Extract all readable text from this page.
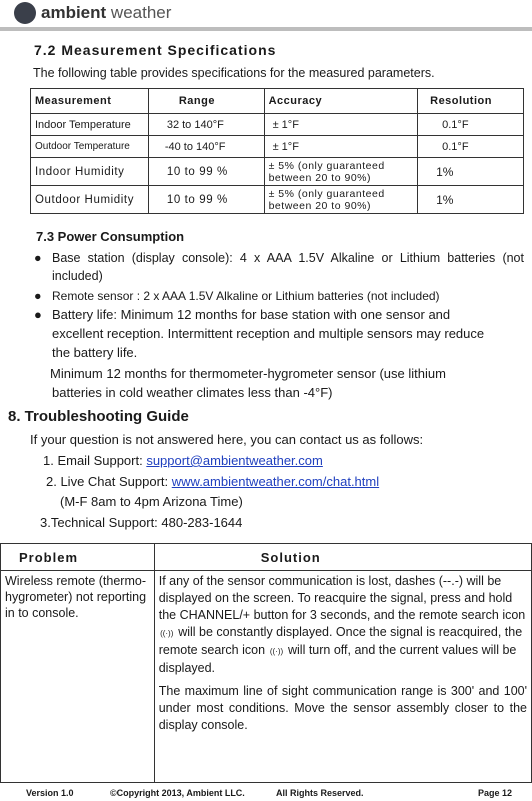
ambient weather
7.2 Measurement Specifications
The following table provides specifications for the measured parameters.
Measurement	Range	Accuracy	Resolution
Indoor Temperature	32 to 140°F	± 1°F	0.1°F
Outdoor Temperature	-40 to 140°F	± 1°F	0.1°F
Indoor Humidity	10 to 99 %	± 5% (only guaranteed between 20 to 90%)	1%
Outdoor Humidity	10 to 99 %	± 5% (only guaranteed between 20 to 90%)	1%
7.3 Power Consumption
● Base station (display console): 4 x AAA 1.5V Alkaline or Lithium batteries (not
included)
● Remote sensor : 2 x AAA 1.5V Alkaline or Lithium batteries (not included)
● Battery life: Minimum 12 months for base station with one sensor and
excellent reception. Intermittent reception and multiple sensors may reduce
the battery life.
Minimum 12 months for thermometer-hygrometer sensor (use lithium
batteries in cold weather climates less than -4°F)
8. Troubleshooting Guide
If your question is not answered here, you can contact us as follows:
1. Email Support: support@ambientweather.com
2. Live Chat Support: www.ambientweather.com/chat.html
(M-F 8am to 4pm Arizona Time)
3.Technical Support: 480-283-1644
Problem	Solution
Wireless remote (thermo-hygrometer) not reporting in to console.	If any of the sensor communication is lost, dashes (--.-) will be displayed on the screen. To reacquire the signal, press and hold the CHANNEL/+ button for 3 seconds, and the remote search icon ((·)) will be constantly displayed. Once the signal is reacquired, the remote search icon ((·)) will turn off, and the current values will be displayed.

The maximum line of sight communication range is 300' and 100' under most conditions. Move the sensor assembly closer to the display console.

Version 1.0	©Copyright 2013, Ambient LLC.	All Rights Reserved.	Page 12
